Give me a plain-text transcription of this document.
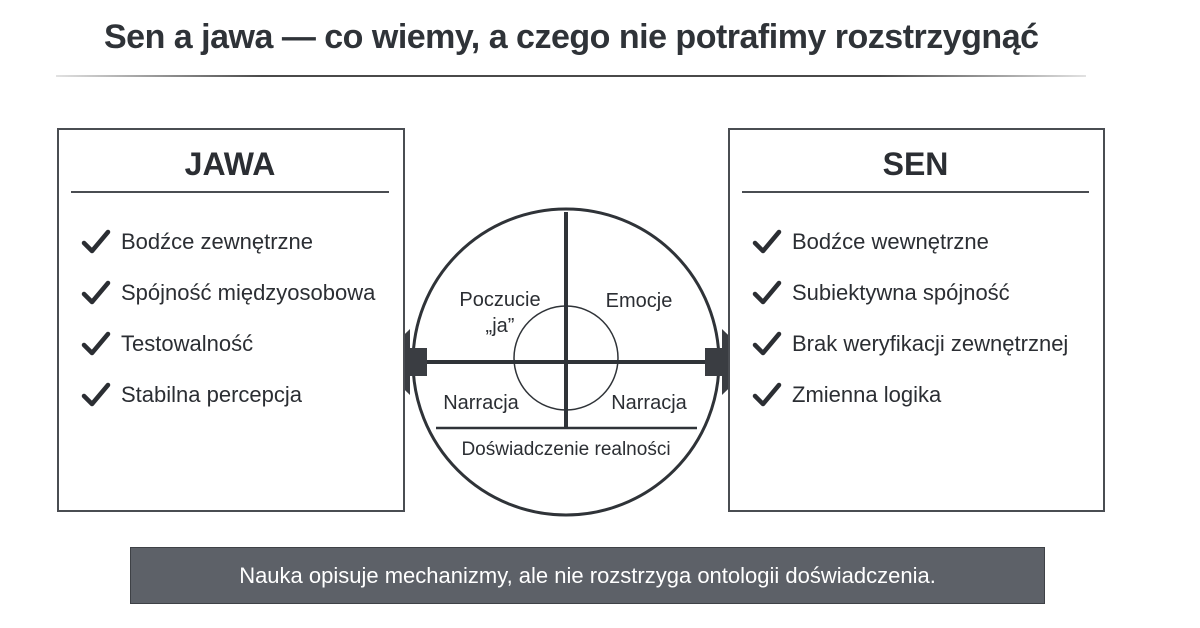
Sen a jawa — co wiemy, a czego nie potrafimy rozstrzygnąć
Poczucie
„ja”
Emocje
Narracja	Narracja
Doświadczenie realności
JAWA
Bodźce zewnętrzne
Spójność międzyosobowa
Testowalność
Stabilna percepcja
SEN
Bodźce wewnętrzne
Subiektywna spójność
Brak weryfikacji zewnętrznej
Zmienna logika
Nauka opisuje mechanizmy, ale nie rozstrzyga ontologii doświadczenia.
